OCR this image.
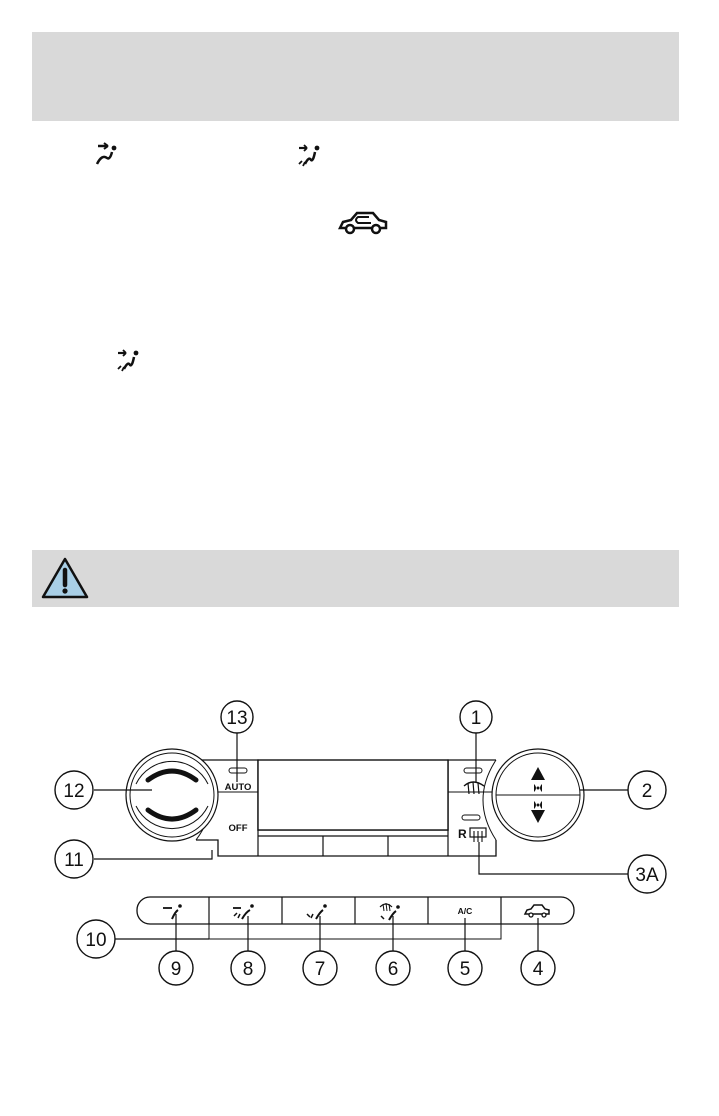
AUTO
OFF	R
A/C
13	1
12	2
11
3A
10
9	8	7	6	5	4
